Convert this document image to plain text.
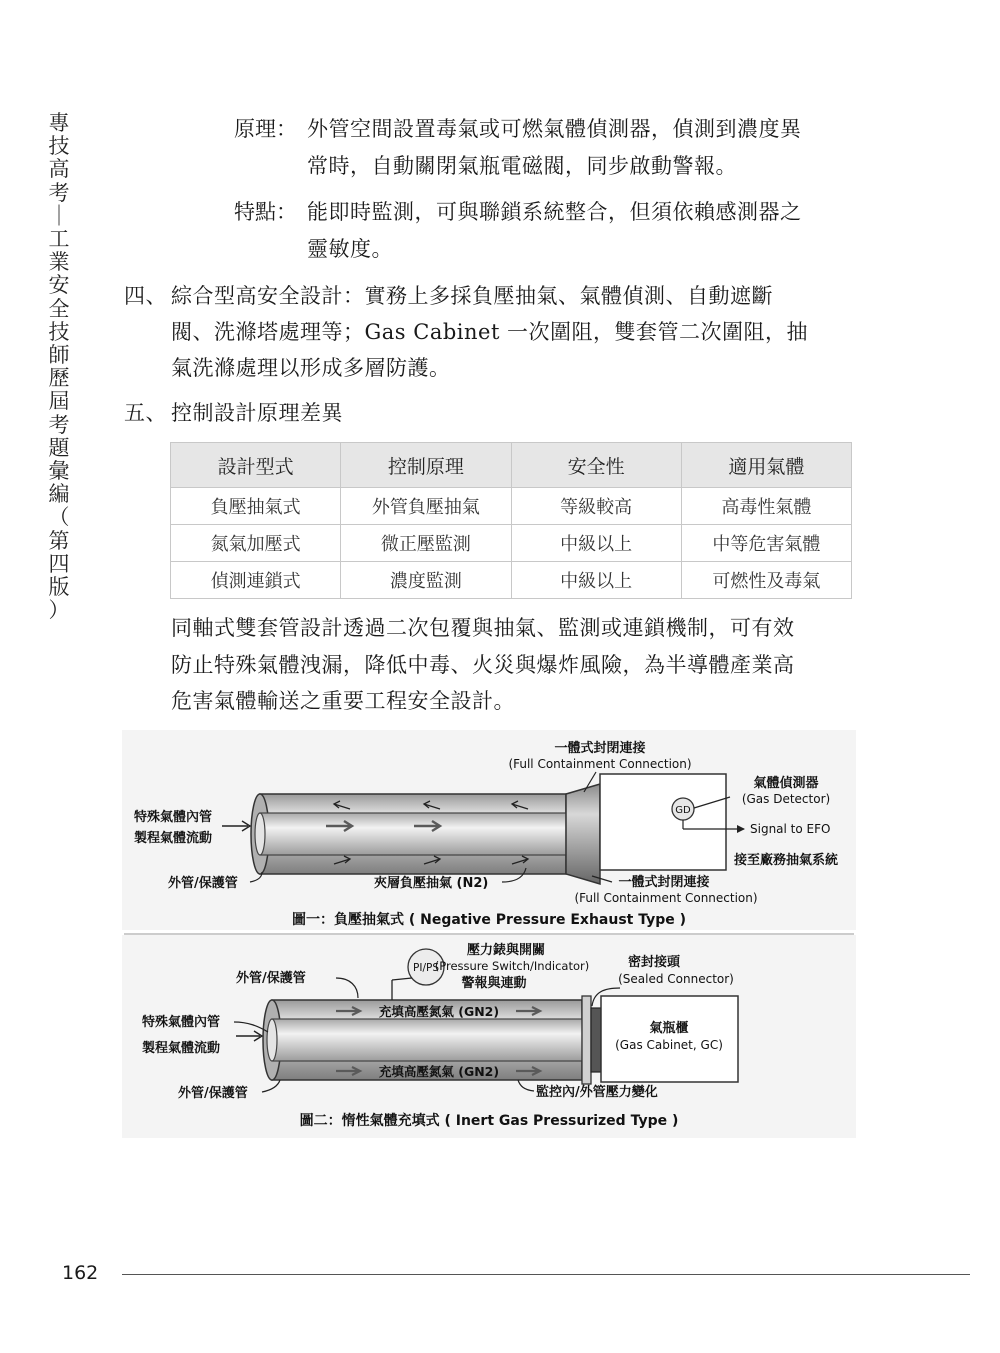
專
技
高
考
｜
工
業
安
全
技
師
歷
屆
考
題
彙
編
（
第
四
版
）
原理： 外管空間設置毒氣或可燃氣體偵測器，偵測到濃度異
常時，自動關閉氣瓶電磁閥，同步啟動警報。
特點： 能即時監測，可與聯鎖系統整合，但須依賴感測器之
靈敏度。
四、 綜合型高安全設計：實務上多採負壓抽氣、氣體偵測、自動遮斷
閥、洗滌塔處理等；Gas Cabinet 一次圍阻，雙套管二次圍阻，抽
氣洗滌處理以形成多層防護。
五、 控制設計原理差異
設計型式	控制原理	安全性	適用氣體
負壓抽氣式	外管負壓抽氣	等級較高	高毒性氣體
氮氣加壓式	微正壓監測	中級以上	中等危害氣體
偵測連鎖式	濃度監測	中級以上	可燃性及毒氣
同軸式雙套管設計透過二次包覆與抽氣、監測或連鎖機制，可有效
防止特殊氣體洩漏，降低中毒、火災與爆炸風險，為半導體產業高
危害氣體輸送之重要工程安全設計。
GD
一體式封閉連接
(Full Containment Connection)
氣體偵測器
(Gas Detector)
Signal to EFO
接至廠務抽氣系統
特殊氣體內管
製程氣體流動
外管/保護管	夾層負壓抽氣 (N2)	一體式封閉連接
(Full Containment Connection)
圖一：負壓抽氣式 ( Negative Pressure Exhaust Type )
PI/PS
壓力錶與開關
(Pressure Switch/Indicator)
警報與連動
密封接頭
(Sealed Connector)
氣瓶櫃
(Gas Cabinet, GC)
外管/保護管
充填高壓氮氣 (GN2)
充填高壓氮氣 (GN2)
特殊氣體內管
製程氣體流動
外管/保護管	監控內/外管壓力變化
圖二：惰性氣體充填式 ( Inert Gas Pressurized Type )
162
